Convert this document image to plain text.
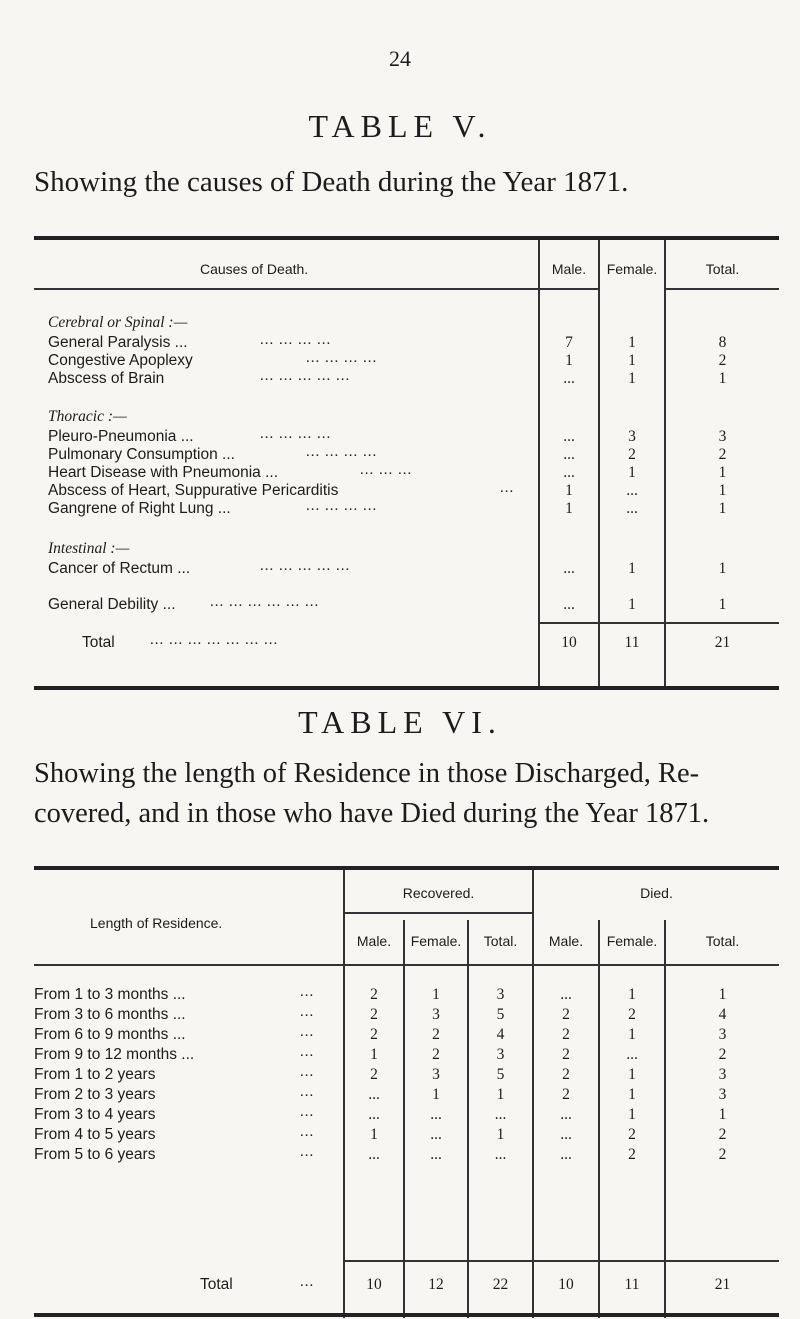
24
TABLE V.
Showing the causes of Death during the Year 1871.
Causes of Death.	Male.	Female.	Total.
Cerebral or Spinal :—
General Paralysis ...	... ... ... ...	7	1	8
Congestive Apoplexy	... ... ... ...	1	1	2
Abscess of Brain	... ... ... ... ...	...	1	1
Thoracic :—
Pleuro-Pneumonia ...	... ... ... ...	...	3	3
Pulmonary Consumption ...	... ... ... ...	...	2	2
Heart Disease with Pneumonia ...	... ... ...	...	1	1
Abscess of Heart, Suppurative Pericarditis	...	1	...	1
Gangrene of Right Lung ...	... ... ... ...	1	...	1
Intestinal :—
Cancer of Rectum ...	... ... ... ... ...	...	1	1
General Debility ... ... ... ... ... ... ...	...	1	1
Total ... ... ... ... ... ... ...	10	11	21
TABLE VI.
Showing the length of Residence in those Discharged, Re-
covered, and in those who have Died during the Year 1871.
Length of Residence.
Recovered.	Died.
Male.	Female.	Total.	Male.	Female.	Total.
From 1 to 3 months ...	...	2	1	3	...	1	1
From 3 to 6 months ...	...	2	3	5	2	2	4
From 6 to 9 months ...	...	2	2	4	2	1	3
From 9 to 12 months ...	...	1	2	3	2	...	2
From 1 to 2 years	...	2	3	5	2	1	3
From 2 to 3 years	...	...	1	1	2	1	3
From 3 to 4 years	...	...	...	...	...	1	1
From 4 to 5 years	...	1	...	1	...	2	2
From 5 to 6 years	...	...	...	...	...	2	2
Total	...	10	12	22	10	11	21
